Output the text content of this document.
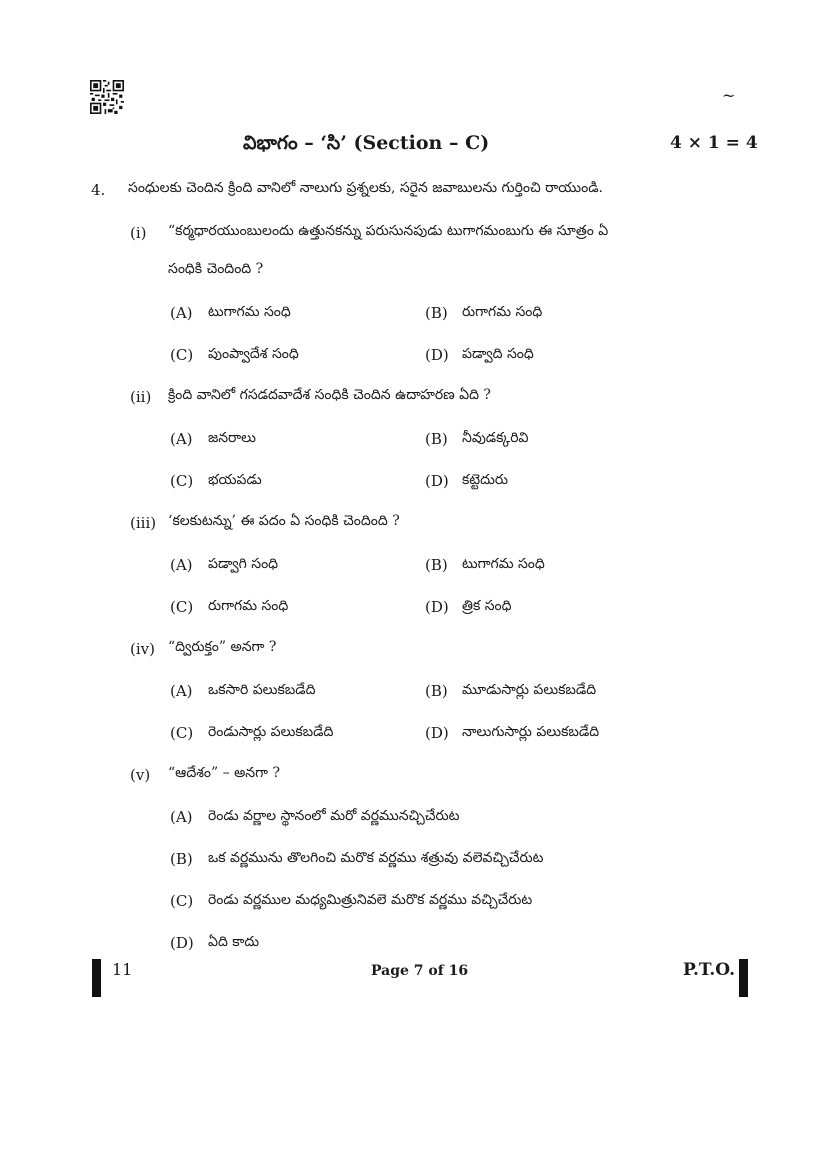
~
విభాగం – ‘సి’ (Section – C)	4 × 1 = 4
4. సంధులకు చెందిన క్రింది వానిలో నాలుగు ప్రశ్నలకు, సరైన జవాబులను గుర్తించి రాయుండి.
(i) “కర్మధారయుంబులందు ఉత్తునకన్ను పరుసునపుడు టుగాగమంబుగు ఈ సూత్రం ఏ
సంధికి చెందింది ?
(A) టుగాగమ సంధి	(B) రుగాగమ సంధి
(C) పుంప్వాదేశ సంధి	(D) పడ్వాది సంధి
(ii) క్రింది వానిలో గసడదవాదేశ సంధికి చెందిన ఉదాహరణ ఏది ?
(A) జనరాలు	(B) నీవుడక్కరివి
(C) భయపడు	(D) కట్టెదురు
(iii) ‘కలకుటన్ను’ ఈ పదం ఏ సంధికి చెందింది ?
(A) పడ్వాగి సంధి	(B) టుగాగమ సంధి
(C) రుగాగమ సంధి	(D) త్రిక సంధి
(iv) “ద్విరుక్తం” అనగా ?
(A) ఒకసారి పలుకబడేది	(B) మూడుసార్లు పలుకబడేది
(C) రెండుసార్లు పలుకబడేది	(D) నాలుగుసార్లు పలుకబడేది
(v) “ఆదేశం” – అనగా ?
(A) రెండు వర్ణాల స్థానంలో మరో వర్ణమునచ్చిచేరుట
(B) ఒక వర్ణమును తొలగించి మరొక వర్ణము శత్రువు వలెవచ్చిచేరుట
(C) రెండు వర్ణముల మధ్యమిత్రునివలె మరొక వర్ణము వచ్చిచేరుట
(D) ఏది కాదు
11	Page 7 of 16	P.T.O.
